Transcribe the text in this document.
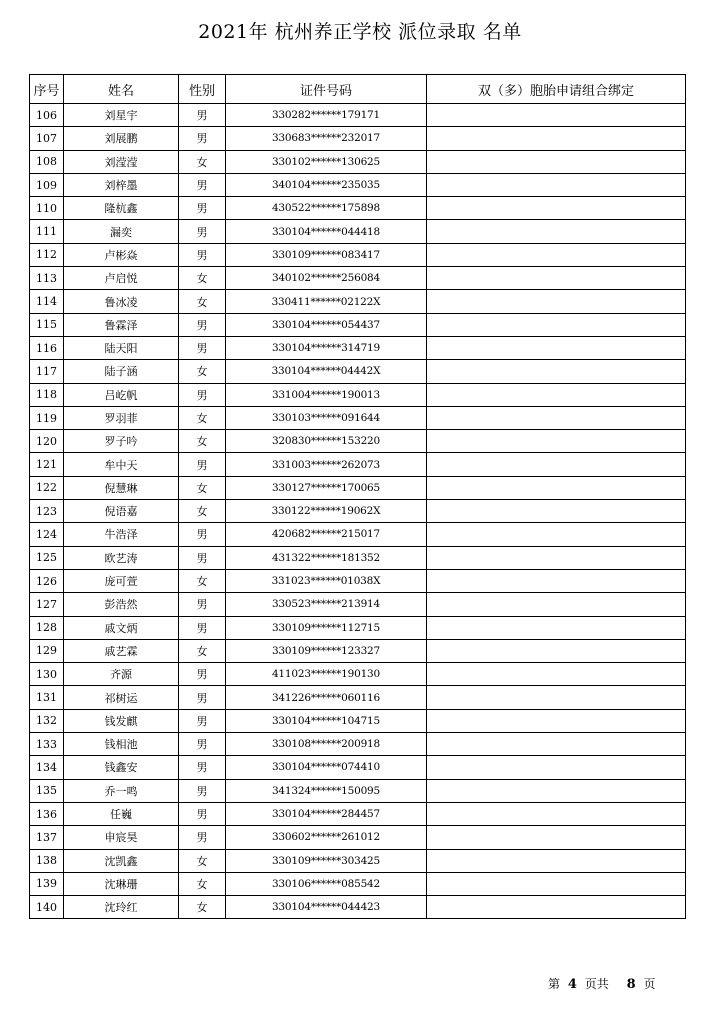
2021年 杭州养正学校 派位录取 名单
序号	姓名	性别	证件号码	双（多）胞胎申请组合绑定
106	刘星宇	男	330282******179171	
107	刘展鹏	男	330683******232017	
108	刘滢滢	女	330102******130625	
109	刘梓墨	男	340104******235035	
110	隆杭鑫	男	430522******175898	
111	漏奕	男	330104******044418	
112	卢彬焱	男	330109******083417	
113	卢启悦	女	340102******256084	
114	鲁冰凌	女	330411******02122X	
115	鲁霖泽	男	330104******054437	
116	陆天阳	男	330104******314719	
117	陆子涵	女	330104******04442X	
118	吕屹帆	男	331004******190013	
119	罗羽菲	女	330103******091644	
120	罗子吟	女	320830******153220	
121	牟中天	男	331003******262073	
122	倪慧琳	女	330127******170065	
123	倪语嘉	女	330122******19062X	
124	牛浩泽	男	420682******215017	
125	欧艺涛	男	431322******181352	
126	庞可萱	女	331023******01038X	
127	彭浩然	男	330523******213914	
128	戚文炳	男	330109******112715	
129	戚艺霖	女	330109******123327	
130	齐源	男	411023******190130	
131	祁树运	男	341226******060116	
132	钱发麒	男	330104******104715	
133	钱相池	男	330108******200918	
134	钱鑫安	男	330104******074410	
135	乔一鸣	男	341324******150095	
136	任巍	男	330104******284457	
137	申宸昊	男	330602******261012	
138	沈凯鑫	女	330109******303425	
139	沈琳珊	女	330106******085542	
140	沈玲红	女	330104******044423	
第 4 页共 8 页
